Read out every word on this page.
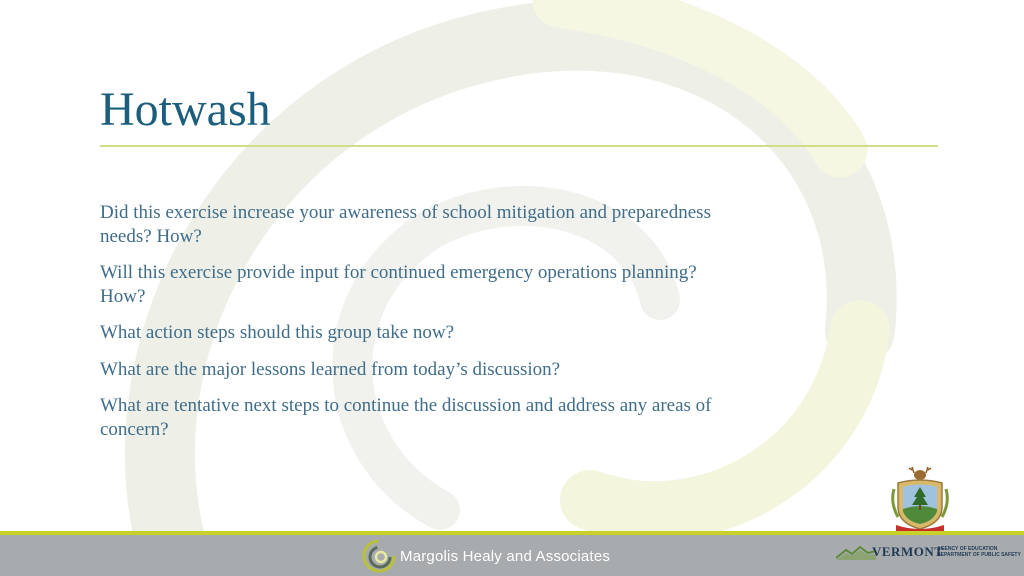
Hotwash
Did this exercise increase your awareness of school mitigation and preparedness needs? How?
Will this exercise provide input for continued emergency operations planning? How?
What action steps should this group take now?
What are the major lessons learned from today’s discussion?
What are tentative next steps to continue the discussion and address any areas of concern?
Margolis Healy and Associates	VERMONT
AGENCY OF EDUCATION
DEPARTMENT OF PUBLIC SAFETY
